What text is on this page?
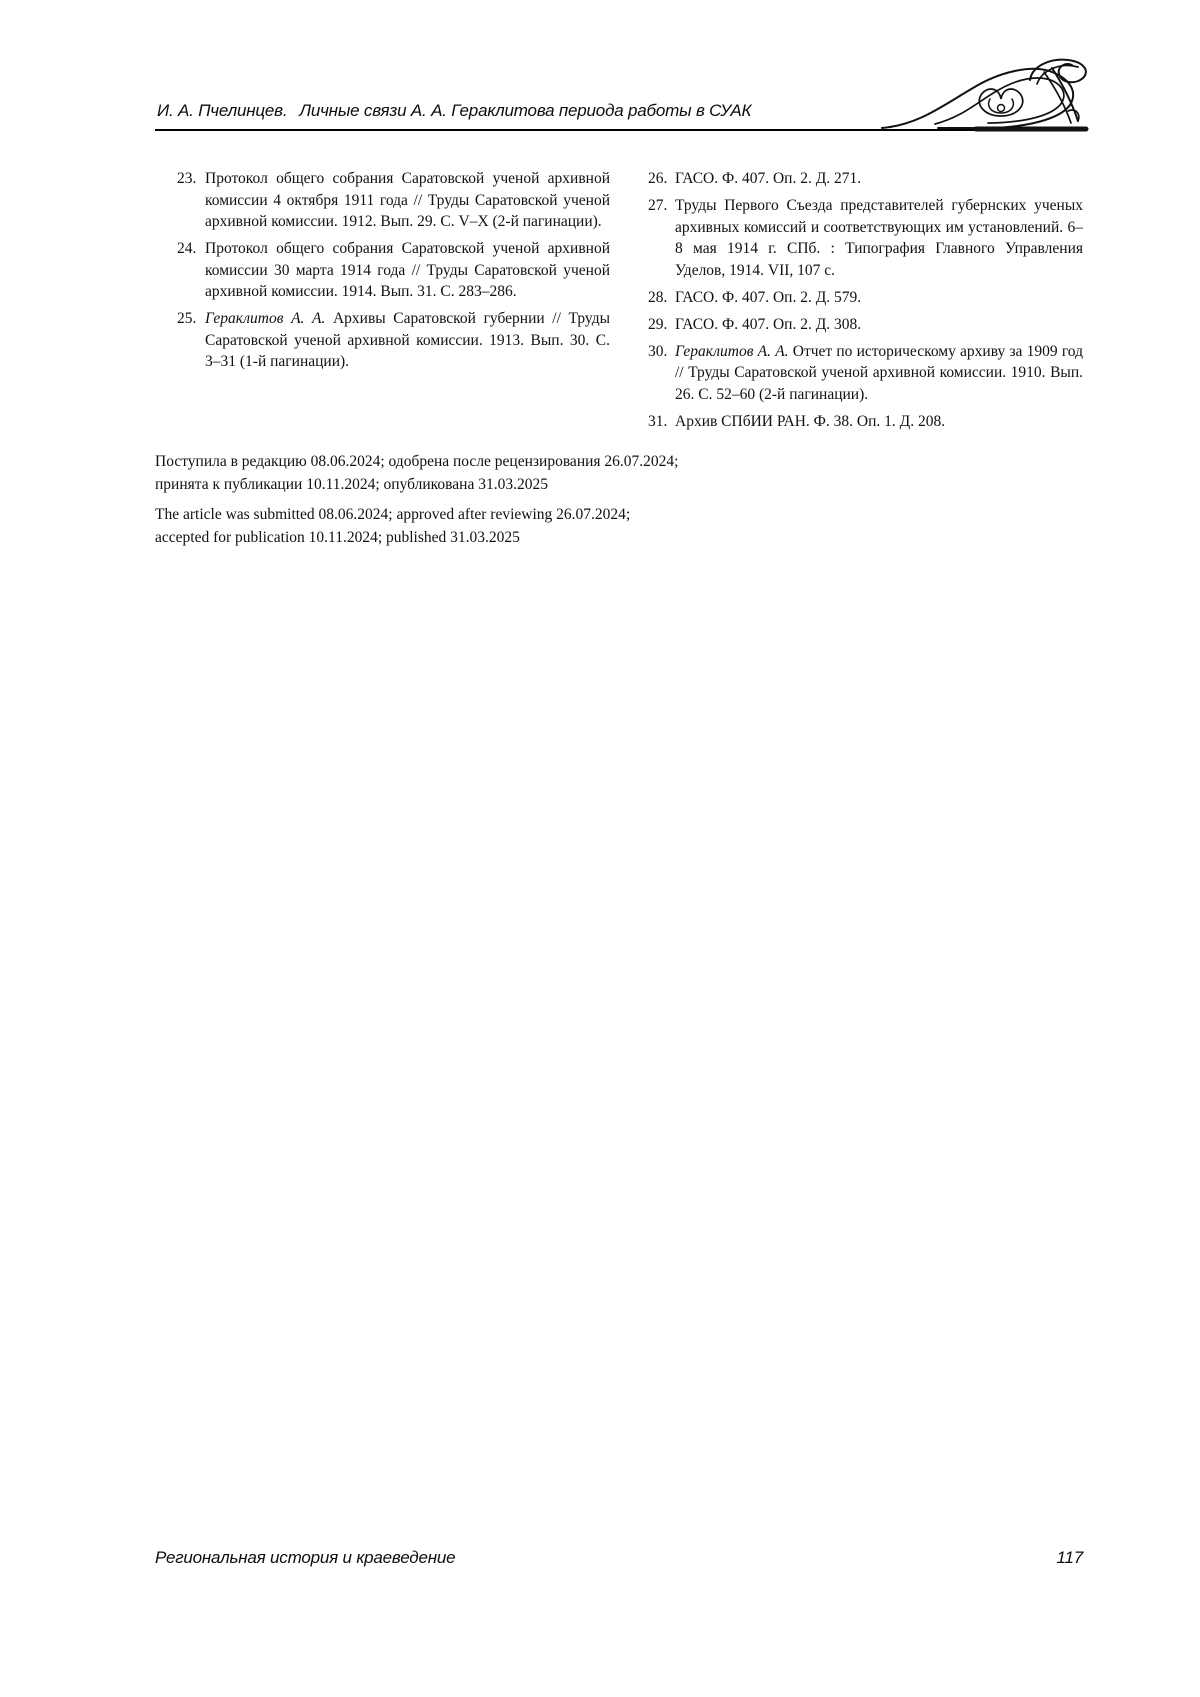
И. А. Пчелинцев. Личные связи А. А. Гераклитова периода работы в СУАК
23. Протокол общего собрания Саратовской ученой архивной комиссии 4 октября 1911 года // Труды Саратовской ученой архивной комиссии. 1912. Вып. 29. С. V–X (2-й пагинации).
24. Протокол общего собрания Саратовской ученой архивной комиссии 30 марта 1914 года // Труды Саратовской ученой архивной комиссии. 1914. Вып. 31. С. 283–286.
25. Гераклитов А. А. Архивы Саратовской губернии // Труды Саратовской ученой архивной комиссии. 1913. Вып. 30. С. 3–31 (1-й пагинации).
26. ГАСО. Ф. 407. Оп. 2. Д. 271.
27. Труды Первого Съезда представителей губернских ученых архивных комиссий и соответствующих им установлений. 6–8 мая 1914 г. СПб. : Типография Главного Управления Уделов, 1914. VII, 107 с.
28. ГАСО. Ф. 407. Оп. 2. Д. 579.
29. ГАСО. Ф. 407. Оп. 2. Д. 308.
30. Гераклитов А. А. Отчет по историческому архиву за 1909 год // Труды Саратовской ученой архивной комиссии. 1910. Вып. 26. С. 52–60 (2-й пагинации).
31. Архив СПбИИ РАН. Ф. 38. Оп. 1. Д. 208.

Поступила в редакцию 08.06.2024; одобрена после рецензирования 26.07.2024;
принята к публикации 10.11.2024; опубликована 31.03.2025

The article was submitted 08.06.2024; approved after reviewing 26.07.2024;
accepted for publication 10.11.2024; published 31.03.2025

Региональная история и краеведение	117
